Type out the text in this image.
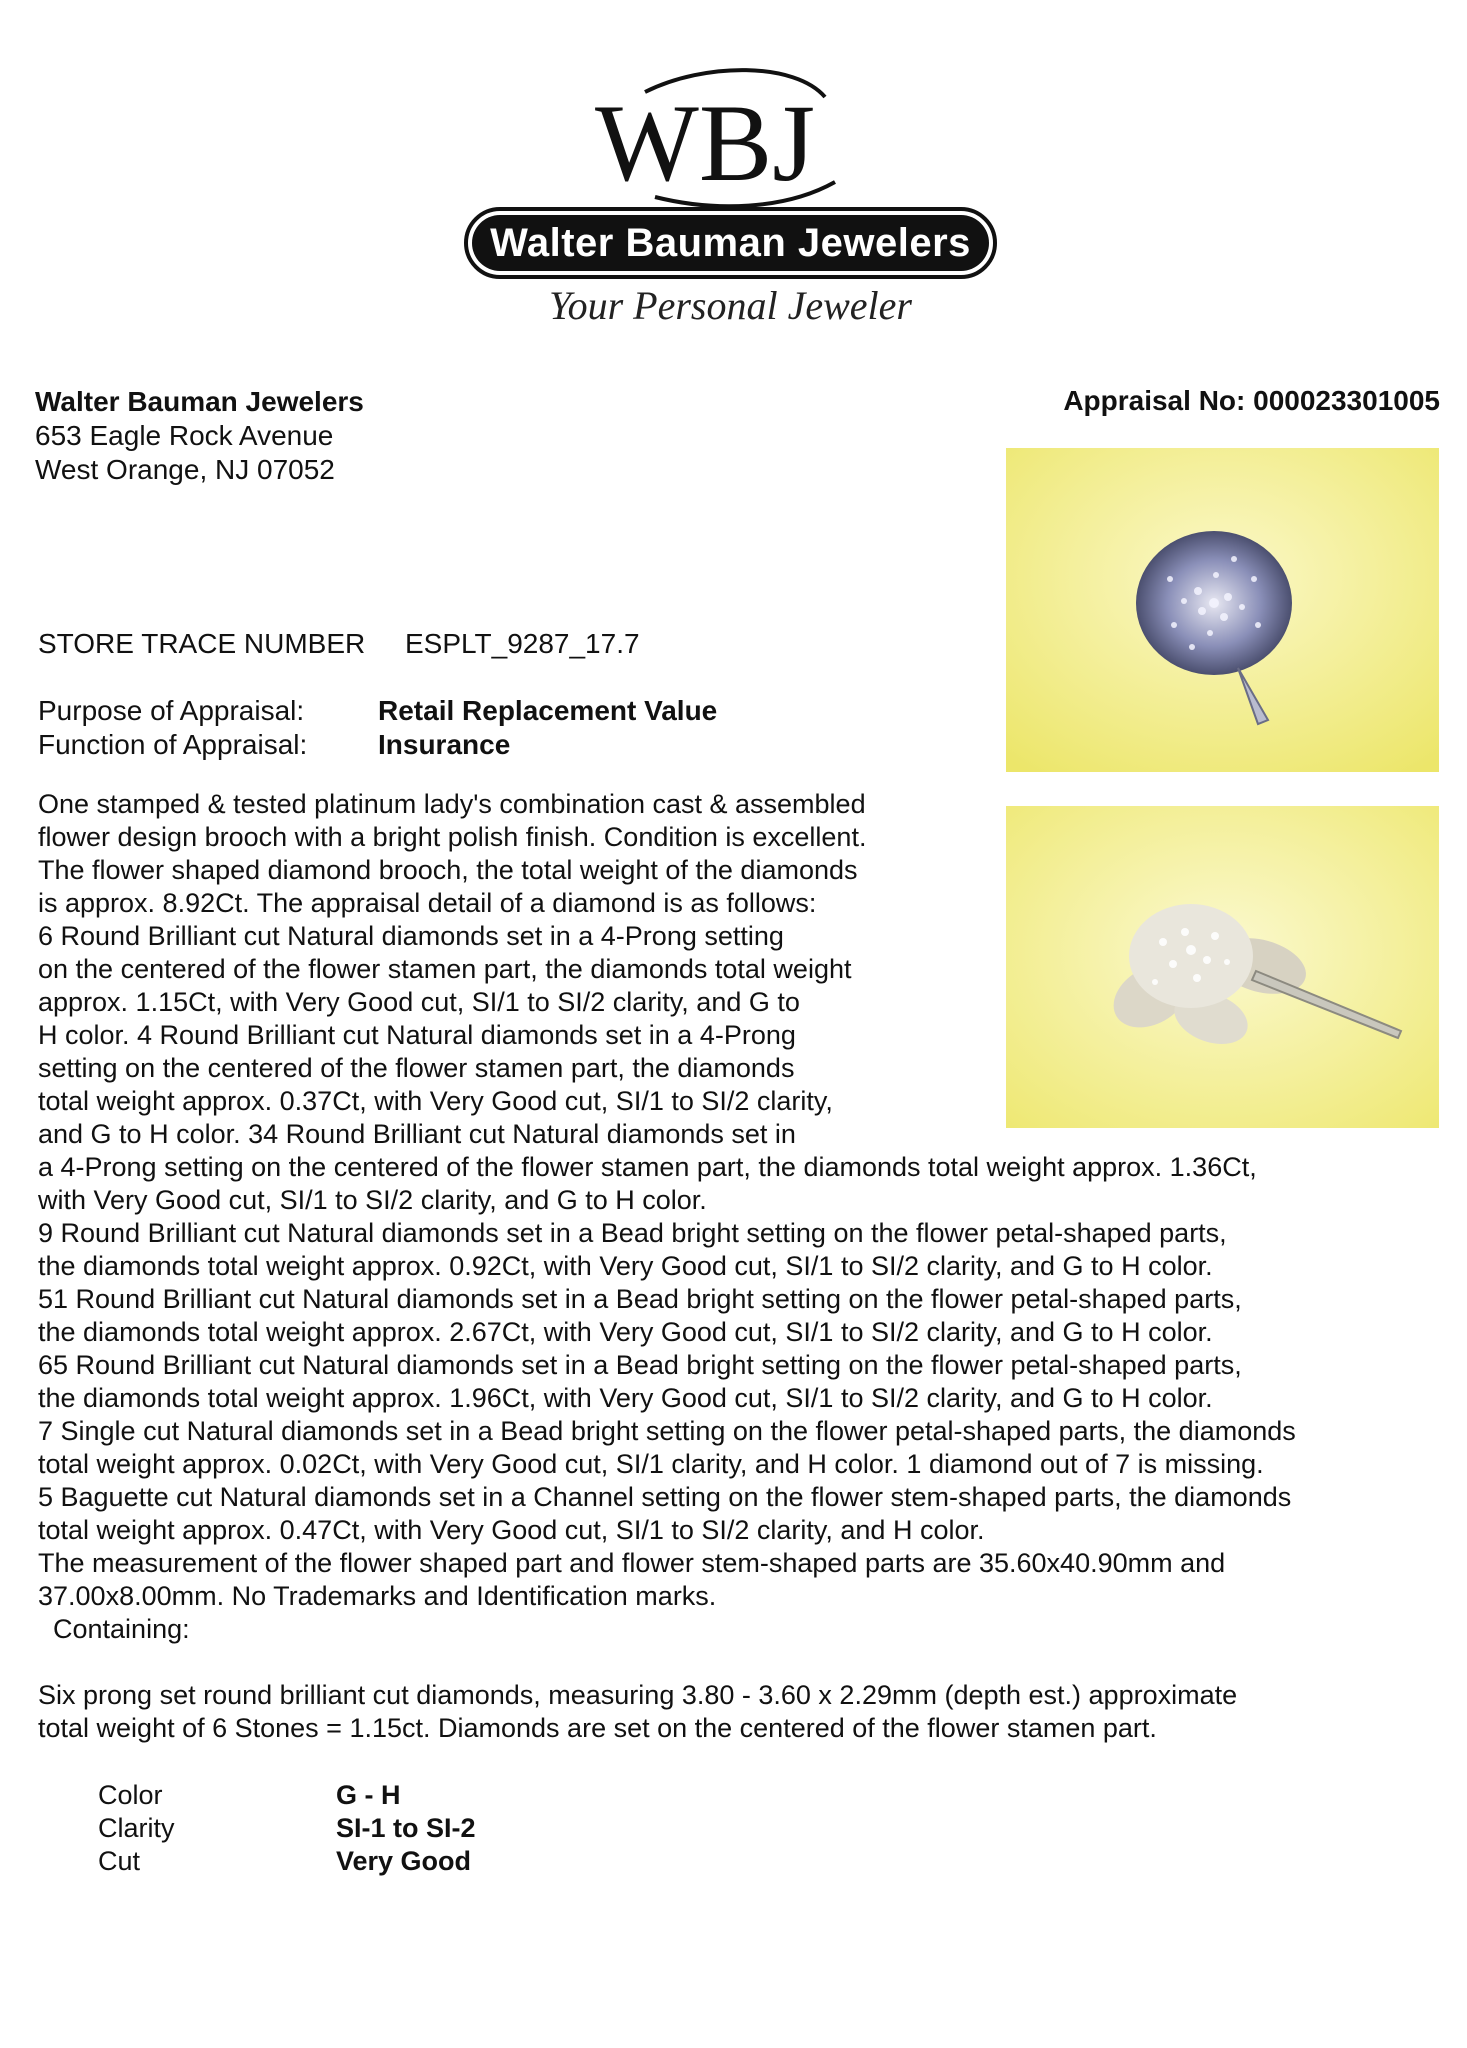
WBJ
Walter Bauman Jewelers
Your Personal Jeweler
Walter Bauman Jewelers
653 Eagle Rock Avenue
West Orange, NJ 07052
Appraisal No: 000023301005
STORE TRACE NUMBER ESPLT_9287_17.7
Purpose of Appraisal:	Retail Replacement Value
Function of Appraisal:	Insurance
One stamped & tested platinum lady's combination cast & assembled
flower design brooch with a bright polish finish. Condition is excellent.
The flower shaped diamond brooch, the total weight of the diamonds
is approx. 8.92Ct. The appraisal detail of a diamond is as follows:
6 Round Brilliant cut Natural diamonds set in a 4-Prong setting
on the centered of the flower stamen part, the diamonds total weight
approx. 1.15Ct, with Very Good cut, SI/1 to SI/2 clarity, and G to
H color. 4 Round Brilliant cut Natural diamonds set in a 4-Prong
setting on the centered of the flower stamen part, the diamonds
total weight approx. 0.37Ct, with Very Good cut, SI/1 to SI/2 clarity,
and G to H color. 34 Round Brilliant cut Natural diamonds set in
a 4-Prong setting on the centered of the flower stamen part, the diamonds total weight approx. 1.36Ct,
with Very Good cut, SI/1 to SI/2 clarity, and G to H color.
9 Round Brilliant cut Natural diamonds set in a Bead bright setting on the flower petal-shaped parts,
the diamonds total weight approx. 0.92Ct, with Very Good cut, SI/1 to SI/2 clarity, and G to H color.
51 Round Brilliant cut Natural diamonds set in a Bead bright setting on the flower petal-shaped parts,
the diamonds total weight approx. 2.67Ct, with Very Good cut, SI/1 to SI/2 clarity, and G to H color.
65 Round Brilliant cut Natural diamonds set in a Bead bright setting on the flower petal-shaped parts,
the diamonds total weight approx. 1.96Ct, with Very Good cut, SI/1 to SI/2 clarity, and G to H color.
7 Single cut Natural diamonds set in a Bead bright setting on the flower petal-shaped parts, the diamonds
total weight approx. 0.02Ct, with Very Good cut, SI/1 clarity, and H color. 1 diamond out of 7 is missing.
5 Baguette cut Natural diamonds set in a Channel setting on the flower stem-shaped parts, the diamonds
total weight approx. 0.47Ct, with Very Good cut, SI/1 to SI/2 clarity, and H color.
The measurement of the flower shaped part and flower stem-shaped parts are 35.60x40.90mm and
37.00x8.00mm. No Trademarks and Identification marks.
Containing:
Six prong set round brilliant cut diamonds, measuring 3.80 - 3.60 x 2.29mm (depth est.) approximate
total weight of 6 Stones = 1.15ct. Diamonds are set on the centered of the flower stamen part.
Color	G - H
Clarity	SI-1 to SI-2
Cut	Very Good
